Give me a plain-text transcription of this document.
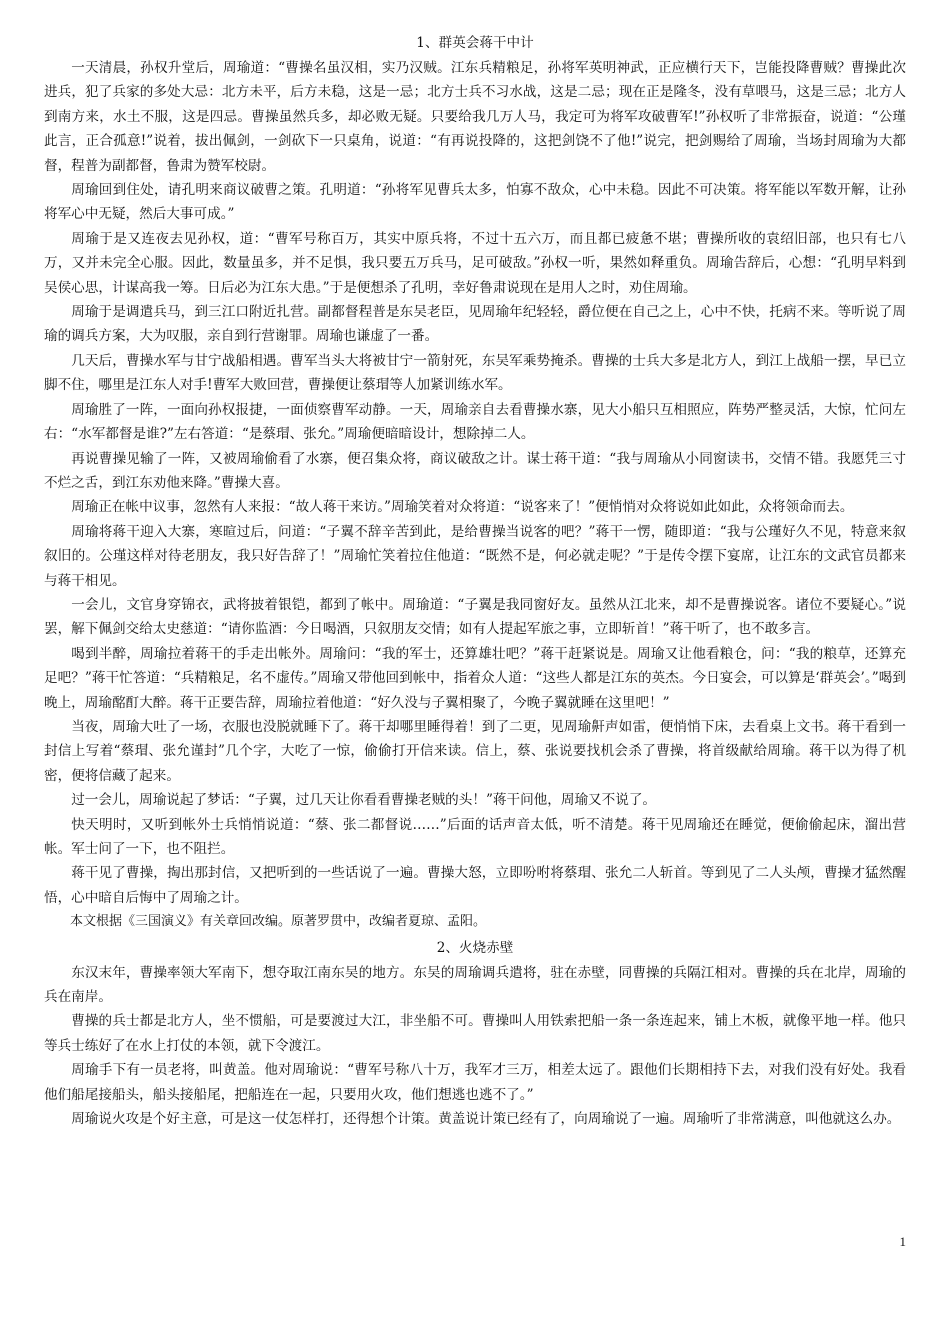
1、群英会蒋干中计

一天清晨，孙权升堂后，周瑜道：“曹操名虽汉相，实乃汉贼。江东兵精粮足，孙将军英明神武，正应横行天下，岂能投降曹贼？曹操此次进兵，犯了兵家的多处大忌：北方未平，后方未稳，这是一忌；北方士兵不习水战，这是二忌；现在正是隆冬，没有草喂马，这是三忌；北方人到南方来，水土不服，这是四忌。曹操虽然兵多，却必败无疑。只要给我几万人马，我定可为将军攻破曹军!”孙权听了非常振奋，说道：“公瑾此言，正合孤意!”说着，拔出佩剑，一剑砍下一只桌角，说道：“有再说投降的，这把剑饶不了他!”说完，把剑赐给了周瑜，当场封周瑜为大都督，程普为副都督，鲁肃为赞军校尉。

周瑜回到住处，请孔明来商议破曹之策。孔明道：“孙将军见曹兵太多，怕寡不敌众，心中未稳。因此不可决策。将军能以军数开解，让孙将军心中无疑，然后大事可成。”

周瑜于是又连夜去见孙权，道：“曹军号称百万，其实中原兵将，不过十五六万，而且都已疲惫不堪；曹操所收的袁绍旧部，也只有七八万，又并未完全心服。因此，数量虽多，并不足惧，我只要五万兵马，足可破敌。”孙权一听，果然如释重负。周瑜告辞后，心想：“孔明早料到吴侯心思，计谋高我一筹。日后必为江东大患。”于是便想杀了孔明，幸好鲁肃说现在是用人之时，劝住周瑜。

周瑜于是调遣兵马，到三江口附近扎营。副都督程普是东吴老臣，见周瑜年纪轻轻，爵位便在自己之上，心中不快，托病不来。等听说了周瑜的调兵方案，大为叹服，亲自到行营谢罪。周瑜也谦虚了一番。

几天后，曹操水军与甘宁战船相遇。曹军当头大将被甘宁一箭射死，东吴军乘势掩杀。曹操的士兵大多是北方人，到江上战船一摆，早已立脚不住，哪里是江东人对手!曹军大败回营，曹操便让蔡瑁等人加紧训练水军。

周瑜胜了一阵，一面向孙权报捷，一面侦察曹军动静。一天，周瑜亲自去看曹操水寨，见大小船只互相照应，阵势严整灵活，大惊，忙问左右：“水军都督是谁?”左右答道：“是蔡瑁、张允。”周瑜便暗暗设计，想除掉二人。

再说曹操见输了一阵，又被周瑜偷看了水寨，便召集众将，商议破敌之计。谋士蒋干道：“我与周瑜从小同窗读书，交情不错。我愿凭三寸不烂之舌，到江东劝他来降。”曹操大喜。

周瑜正在帐中议事，忽然有人来报：“故人蒋干来访。”周瑜笑着对众将道：“说客来了！”便悄悄对众将说如此如此，众将领命而去。

周瑜将蒋干迎入大寨，寒暄过后，问道：“子翼不辞辛苦到此，是给曹操当说客的吧？”蒋干一愣，随即道：“我与公瑾好久不见，特意来叙叙旧的。公瑾这样对待老朋友，我只好告辞了！”周瑜忙笑着拉住他道：“既然不是，何必就走呢？”于是传令摆下宴席，让江东的文武官员都来与蒋干相见。

一会儿，文官身穿锦衣，武将披着银铠，都到了帐中。周瑜道：“子翼是我同窗好友。虽然从江北来，却不是曹操说客。诸位不要疑心。”说罢，解下佩剑交给太史慈道：“请你监酒：今日喝酒，只叙朋友交情；如有人提起军旅之事，立即斩首！”蒋干听了，也不敢多言。

喝到半醉，周瑜拉着蒋干的手走出帐外。周瑜问：“我的军士，还算雄壮吧？”蒋干赶紧说是。周瑜又让他看粮仓，问：“我的粮草，还算充足吧？”蒋干忙答道：“兵精粮足，名不虚传。”周瑜又带他回到帐中，指着众人道：“这些人都是江东的英杰。今日宴会，可以算是‘群英会’。”喝到晚上，周瑜酩酊大醉。蒋干正要告辞，周瑜拉着他道：“好久没与子翼相聚了，今晚子翼就睡在这里吧！”

当夜，周瑜大吐了一场，衣服也没脱就睡下了。蒋干却哪里睡得着！到了二更，见周瑜鼾声如雷，便悄悄下床，去看桌上文书。蒋干看到一封信上写着“蔡瑁、张允谨封”几个字，大吃了一惊，偷偷打开信来读。信上，蔡、张说要找机会杀了曹操，将首级献给周瑜。蒋干以为得了机密，便将信藏了起来。

过一会儿，周瑜说起了梦话：“子翼，过几天让你看看曹操老贼的头！”蒋干问他，周瑜又不说了。

快天明时，又听到帐外士兵悄悄说道：“蔡、张二都督说……”后面的话声音太低，听不清楚。蒋干见周瑜还在睡觉，便偷偷起床，溜出营帐。军士问了一下，也不阻拦。

蒋干见了曹操，掏出那封信，又把听到的一些话说了一遍。曹操大怒，立即吩咐将蔡瑁、张允二人斩首。等到见了二人头颅，曹操才猛然醒悟，心中暗自后悔中了周瑜之计。

本文根据《三国演义》有关章回改编。原著罗贯中，改编者夏琼、孟阳。

2、火烧赤壁

东汉末年，曹操率领大军南下，想夺取江南东吴的地方。东吴的周瑜调兵遣将，驻在赤壁，同曹操的兵隔江相对。曹操的兵在北岸，周瑜的兵在南岸。

曹操的兵士都是北方人，坐不惯船，可是要渡过大江，非坐船不可。曹操叫人用铁索把船一条一条连起来，铺上木板，就像平地一样。他只等兵士练好了在水上打仗的本领，就下令渡江。

周瑜手下有一员老将，叫黄盖。他对周瑜说：“曹军号称八十万，我军才三万，相差太远了。跟他们长期相持下去，对我们没有好处。我看他们船尾接船头，船头接船尾，把船连在一起，只要用火攻，他们想逃也逃不了。”

周瑜说火攻是个好主意，可是这一仗怎样打，还得想个计策。黄盖说计策已经有了，向周瑜说了一遍。周瑜听了非常满意，叫他就这么办。

1
